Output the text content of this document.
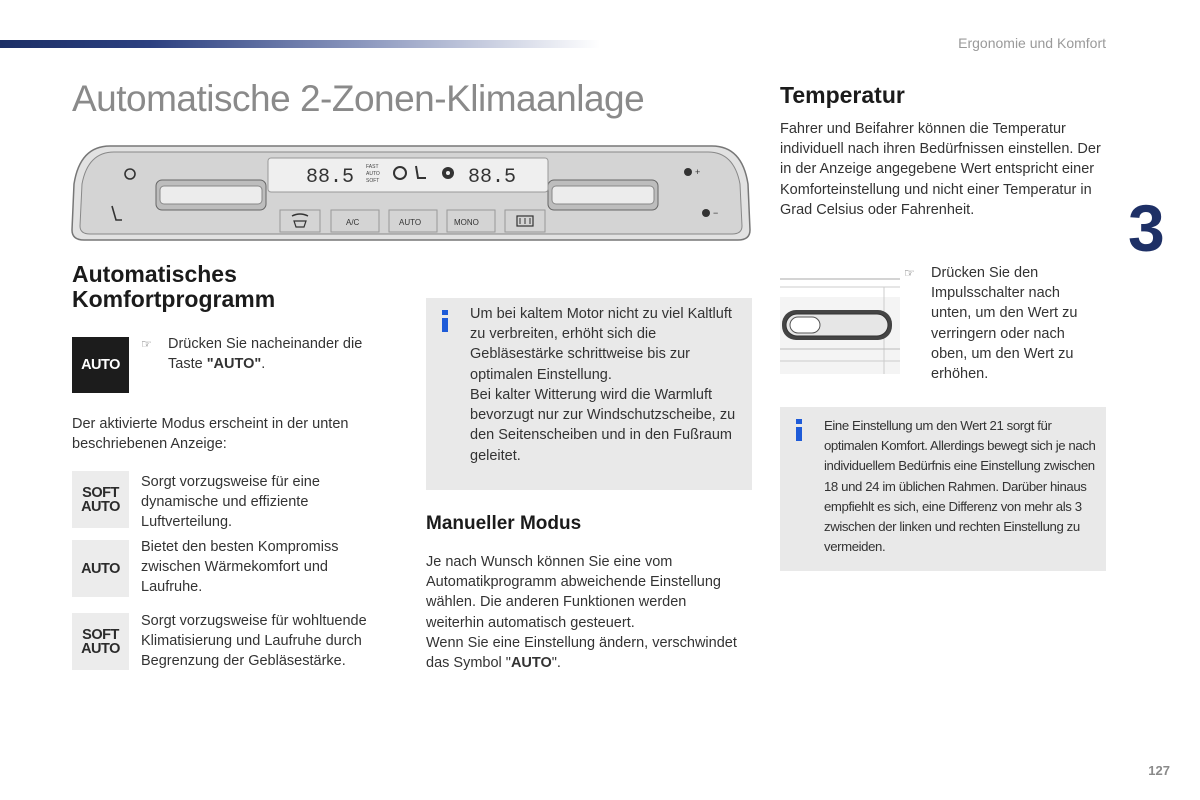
Ergonomie und Komfort
3
127
Automatische 2-Zonen-Klimaanlage
88.5 FAST
AUTO
SOFT	88.5	+
−
A/C	AUTO	MONO
Automatisches
Komfortprogramm
AUTO
☞ Drücken Sie nacheinander die Taste "AUTO".
Der aktivierte Modus erscheint in der unten beschriebenen Anzeige:
SOFT
AUTO
Sorgt vorzugsweise für eine dynamische und effiziente Luftverteilung.
AUTO
Bietet den besten Kompromiss zwischen Wärmekomfort und Laufruhe.
SOFT
AUTO
Sorgt vorzugsweise für wohltuende Klimatisierung und Laufruhe durch Begrenzung der Gebläsestärke.
Um bei kaltem Motor nicht zu viel Kaltluft zu verbreiten, erhöht sich die Gebläsestärke schrittweise bis zur optimalen Einstellung.
Bei kalter Witterung wird die Warmluft bevorzugt nur zur Windschutzscheibe, zu den Seitenscheiben und in den Fußraum geleitet.
Manueller Modus
Je nach Wunsch können Sie eine vom Automatikprogramm abweichende Einstellung wählen. Die anderen Funktionen werden weiterhin automatisch gesteuert.
Wenn Sie eine Einstellung ändern, verschwindet das Symbol "AUTO".
Temperatur
Fahrer und Beifahrer können die Temperatur individuell nach ihren Bedürfnissen einstellen. Der in der Anzeige angegebene Wert entspricht einer Komforteinstellung und nicht einer Temperatur in Grad Celsius oder Fahrenheit.
☞ Drücken Sie den Impulsschalter nach unten, um den Wert zu verringern oder nach oben, um den Wert zu erhöhen.
Eine Einstellung um den Wert 21 sorgt für optimalen Komfort. Allerdings bewegt sich je nach individuellem Bedürfnis eine Einstellung zwischen 18 und 24 im üblichen Rahmen. Darüber hinaus empfiehlt es sich, eine Differenz von mehr als 3 zwischen der linken und rechten Einstellung zu vermeiden.
